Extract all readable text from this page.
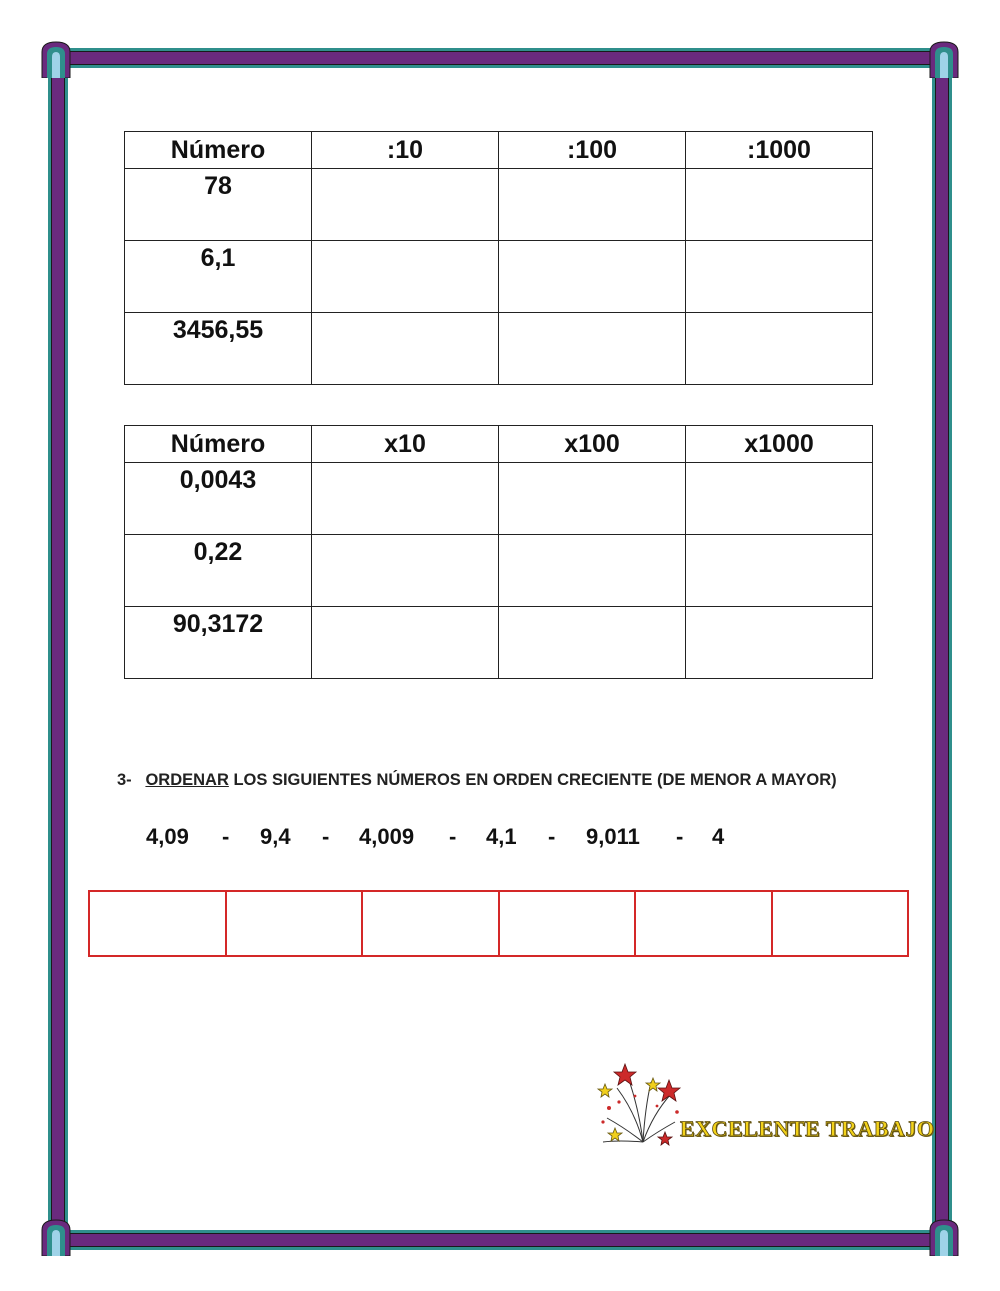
Número	:10	:100	:1000
78			
6,1			
3456,55			
Número	x10	x100	x1000
0,0043			
0,22			
90,3172			
3- ORDENAR LOS SIGUIENTES NÚMEROS EN ORDEN CRECIENTE (DE MENOR A MAYOR)
4,09 - 9,4 - 4,009 - 4,1 - 9,011 - 4

EXCELENTE TRABAJO
